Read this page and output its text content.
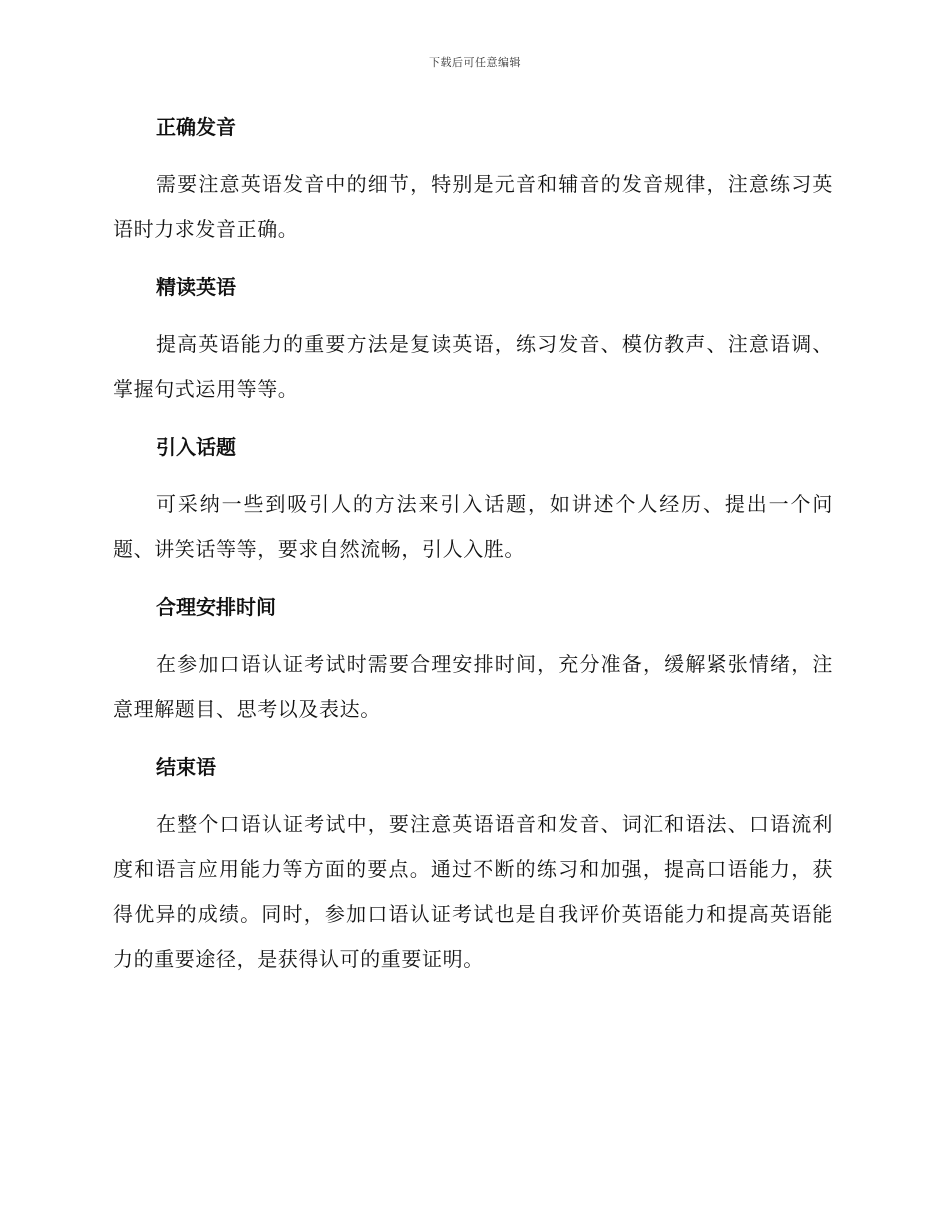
下载后可任意编辑
正确发音

需要注意英语发音中的细节，特别是元音和辅音的发音规律，注意练习英语时力求发音正确。

精读英语

提高英语能力的重要方法是复读英语，练习发音、模仿教声、注意语调、掌握句式运用等等。

引入话题

可采纳一些到吸引人的方法来引入话题，如讲述个人经历、提出一个问题、讲笑话等等，要求自然流畅，引人入胜。

合理安排时间

在参加口语认证考试时需要合理安排时间，充分准备，缓解紧张情绪，注意理解题目、思考以及表达。

结束语

在整个口语认证考试中，要注意英语语音和发音、词汇和语法、口语流利度和语言应用能力等方面的要点。通过不断的练习和加强，提高口语能力，获得优异的成绩。同时，参加口语认证考试也是自我评价英语能力和提高英语能力的重要途径，是获得认可的重要证明。
